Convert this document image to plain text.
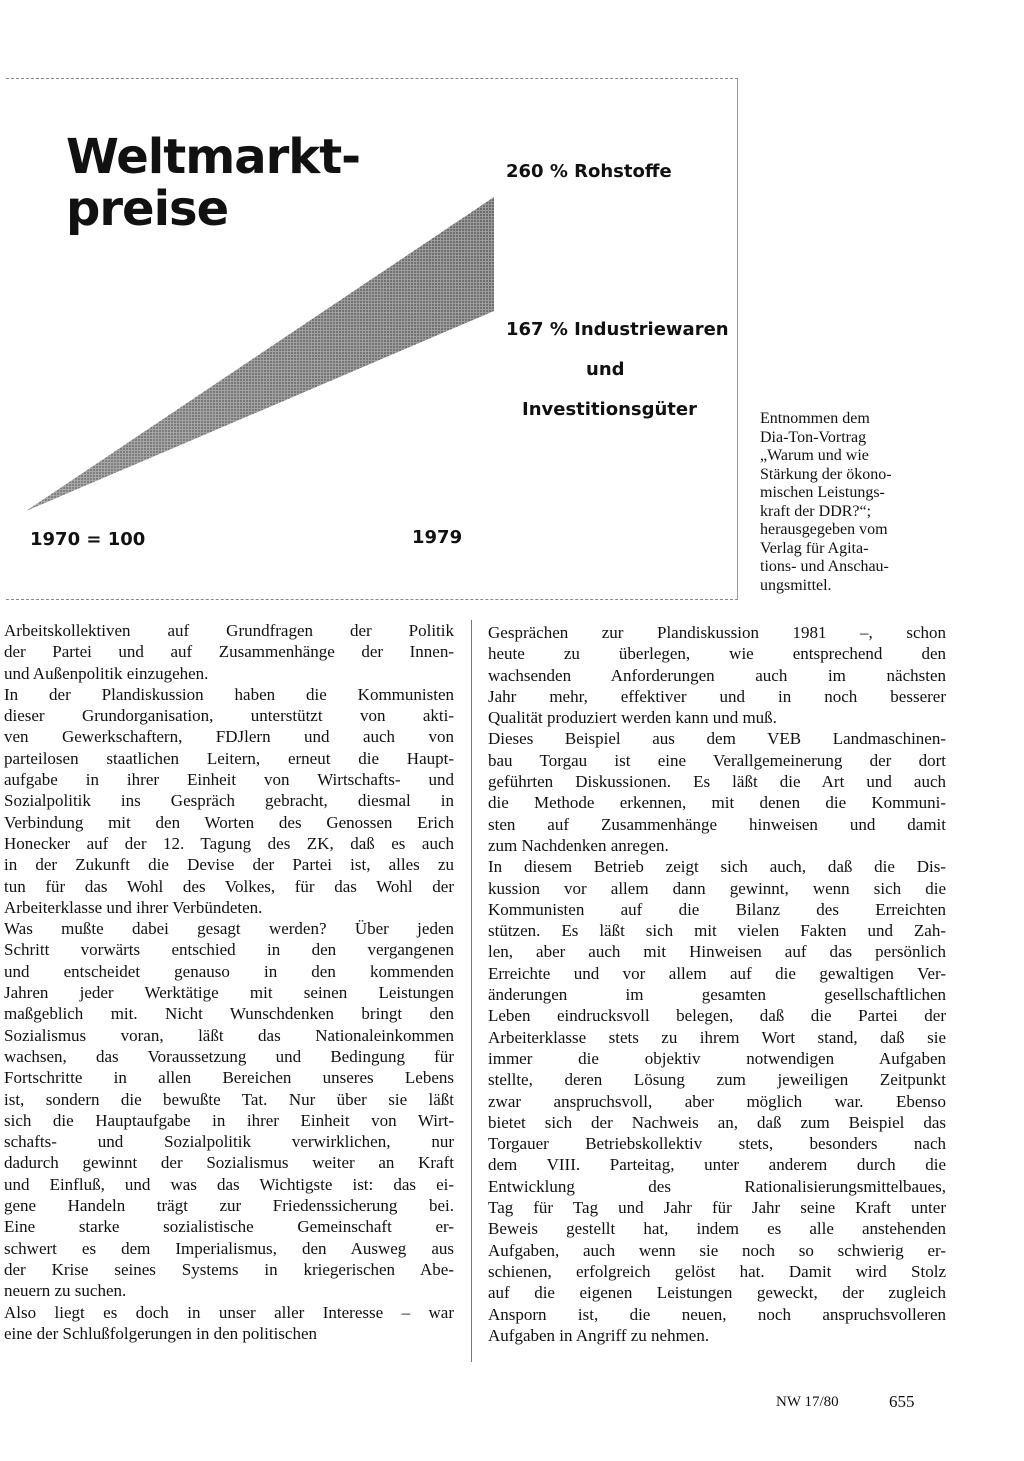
Weltmarkt-
preise
260 % Rohstoffe
167 % Industriewaren
und
Investitionsgüter
1970 = 100	1979
Entnommen dem
Dia-Ton-Vortrag
„Warum und wie
Stärkung der ökono-
mischen Leistungs-
kraft der DDR?“;
herausgegeben vom
Verlag für Agita-
tions- und Anschau-
ungsmittel.
Arbeitskollektiven auf Grundfragen der Politik
der Partei und auf Zusammenhänge der Innen-
und Außenpolitik einzugehen.
In der Plandiskussion haben die Kommunisten
dieser Grundorganisation, unterstützt von akti-
ven Gewerkschaftern, FDJlern und auch von
parteilosen staatlichen Leitern, erneut die Haupt-
aufgabe in ihrer Einheit von Wirtschafts- und
Sozialpolitik ins Gespräch gebracht, diesmal in
Verbindung mit den Worten des Genossen Erich
Honecker auf der 12. Tagung des ZK, daß es auch
in der Zukunft die Devise der Partei ist, alles zu
tun für das Wohl des Volkes, für das Wohl der
Arbeiterklasse und ihrer Verbündeten.
Was mußte dabei gesagt werden? Über jeden
Schritt vorwärts entschied in den vergangenen
und entscheidet genauso in den kommenden
Jahren jeder Werktätige mit seinen Leistungen
maßgeblich mit. Nicht Wunschdenken bringt den
Sozialismus voran, läßt das Nationaleinkommen
wachsen, das Voraussetzung und Bedingung für
Fortschritte in allen Bereichen unseres Lebens
ist, sondern die bewußte Tat. Nur über sie läßt
sich die Hauptaufgabe in ihrer Einheit von Wirt-
schafts- und Sozialpolitik verwirklichen, nur
dadurch gewinnt der Sozialismus weiter an Kraft
und Einfluß, und was das Wichtigste ist: das ei-
gene Handeln trägt zur Friedenssicherung bei.
Eine starke sozialistische Gemeinschaft er-
schwert es dem Imperialismus, den Ausweg aus
der Krise seines Systems in kriegerischen Abe-
neuern zu suchen.
Also liegt es doch in unser aller Interesse – war
eine der Schlußfolgerungen in den politischen
Gesprächen zur Plandiskussion 1981 –, schon
heute zu überlegen, wie entsprechend den
wachsenden Anforderungen auch im nächsten
Jahr mehr, effektiver und in noch besserer
Qualität produziert werden kann und muß.
Dieses Beispiel aus dem VEB Landmaschinen-
bau Torgau ist eine Verallgemeinerung der dort
geführten Diskussionen. Es läßt die Art und auch
die Methode erkennen, mit denen die Kommuni-
sten auf Zusammenhänge hinweisen und damit
zum Nachdenken anregen.
In diesem Betrieb zeigt sich auch, daß die Dis-
kussion vor allem dann gewinnt, wenn sich die
Kommunisten auf die Bilanz des Erreichten
stützen. Es läßt sich mit vielen Fakten und Zah-
len, aber auch mit Hinweisen auf das persönlich
Erreichte und vor allem auf die gewaltigen Ver-
änderungen im gesamten gesellschaftlichen
Leben eindrucksvoll belegen, daß die Partei der
Arbeiterklasse stets zu ihrem Wort stand, daß sie
immer die objektiv notwendigen Aufgaben
stellte, deren Lösung zum jeweiligen Zeitpunkt
zwar anspruchsvoll, aber möglich war. Ebenso
bietet sich der Nachweis an, daß zum Beispiel das
Torgauer Betriebskollektiv stets, besonders nach
dem VIII. Parteitag, unter anderem durch die
Entwicklung des Rationalisierungsmittelbaues,
Tag für Tag und Jahr für Jahr seine Kraft unter
Beweis gestellt hat, indem es alle anstehenden
Aufgaben, auch wenn sie noch so schwierig er-
schienen, erfolgreich gelöst hat. Damit wird Stolz
auf die eigenen Leistungen geweckt, der zugleich
Ansporn ist, die neuen, noch anspruchsvolleren
Aufgaben in Angriff zu nehmen.
NW 17/80	655
